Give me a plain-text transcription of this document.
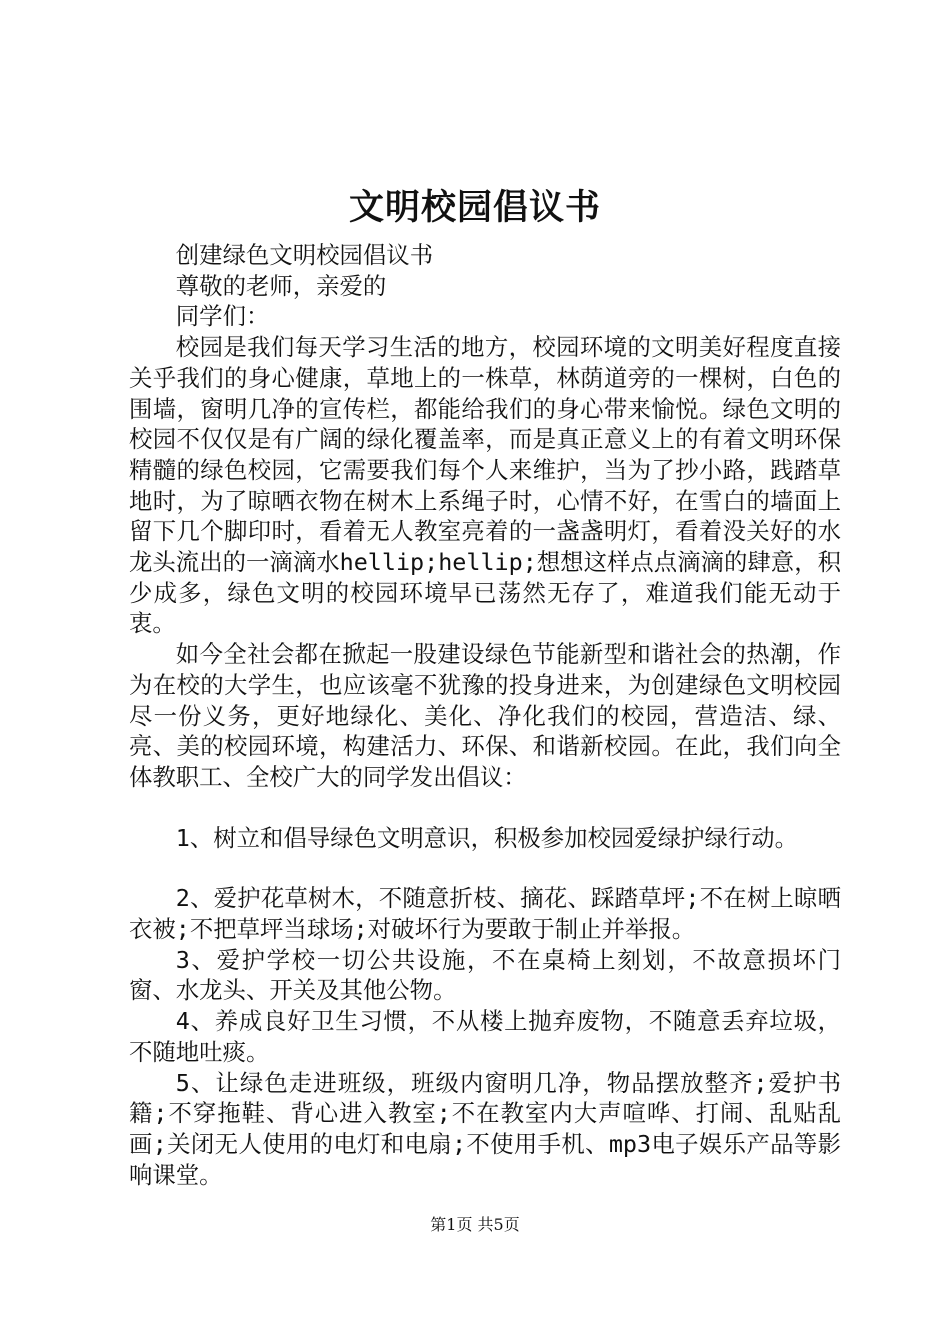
文明校园倡议书

创建绿色文明校园倡议书

尊敬的老师，亲爱的

同学们：

校园是我们每天学习生活的地方，校园环境的文明美好程度直接关乎我们的身心健康，草地上的一株草，林荫道旁的一棵树，白色的围墙，窗明几净的宣传栏，都能给我们的身心带来愉悦。绿色文明的校园不仅仅是有广阔的绿化覆盖率，而是真正意义上的有着文明环保精髓的绿色校园，它需要我们每个人来维护，当为了抄小路，践踏草地时，为了晾晒衣物在树木上系绳子时，心情不好，在雪白的墙面上留下几个脚印时，看着无人教室亮着的一盏盏明灯，看着没关好的水龙头流出的一滴滴水hellip;hellip;想想这样点点滴滴的肆意，积少成多，绿色文明的校园环境早已荡然无存了，难道我们能无动于衷。

如今全社会都在掀起一股建设绿色节能新型和谐社会的热潮，作为在校的大学生，也应该毫不犹豫的投身进来，为创建绿色文明校园尽一份义务，更好地绿化、美化、净化我们的校园，营造洁、绿、亮、美的校园环境，构建活力、环保、和谐新校园。在此，我们向全体教职工、全校广大的同学发出倡议：

1、树立和倡导绿色文明意识，积极参加校园爱绿护绿行动。

2、爱护花草树木，不随意折枝、摘花、踩踏草坪;不在树上晾晒衣被;不把草坪当球场;对破坏行为要敢于制止并举报。

3、爱护学校一切公共设施，不在桌椅上刻划，不故意损坏门窗、水龙头、开关及其他公物。

4、养成良好卫生习惯，不从楼上抛弃废物，不随意丢弃垃圾，不随地吐痰。

5、让绿色走进班级，班级内窗明几净，物品摆放整齐;爱护书籍;不穿拖鞋、背心进入教室;不在教室内大声喧哗、打闹、乱贴乱画;关闭无人使用的电灯和电扇;不使用手机、mp3电子娱乐产品等影响课堂。

第1页 共5页
